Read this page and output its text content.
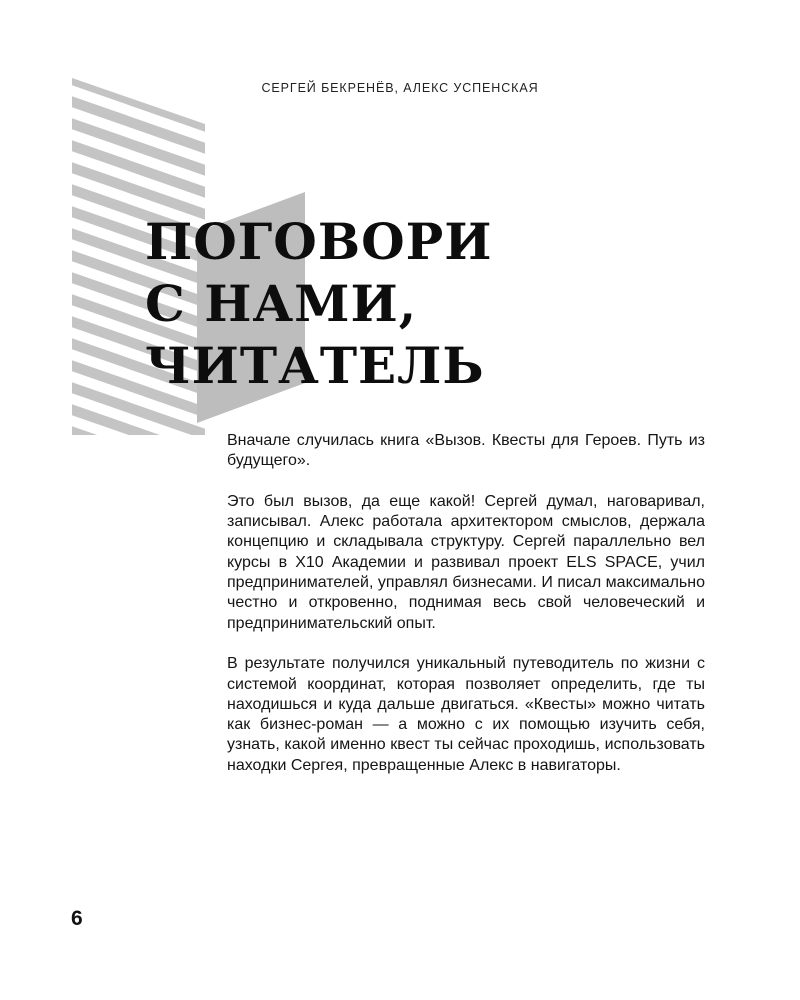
СЕРГЕЙ БЕКРЕНЁВ, АЛЕКС УСПЕНСКАЯ
ПОГОВОРИ
С НАМИ,
ЧИТАТЕЛЬ

Вначале случилась книга «Вызов. Квесты для Героев. Путь из будущего».

Это был вызов, да еще какой! Сергей думал, наговаривал, записывал. Алекс работала архитектором смыслов, держала концепцию и складывала структуру. Сергей параллельно вел курсы в X10 Академии и развивал проект ELS SPACE, учил предпринимателей, управлял бизнесами. И писал максимально честно и откровенно, поднимая весь свой человеческий и предпринимательский опыт.

В результате получился уникальный путеводитель по жизни с системой координат, которая позволяет определить, где ты находишься и куда дальше двигаться. «Квесты» можно читать как бизнес-роман — а можно с их помощью изучить себя, узнать, какой именно квест ты сейчас проходишь, использовать находки Сергея, превращенные Алекс в навигаторы.

6
